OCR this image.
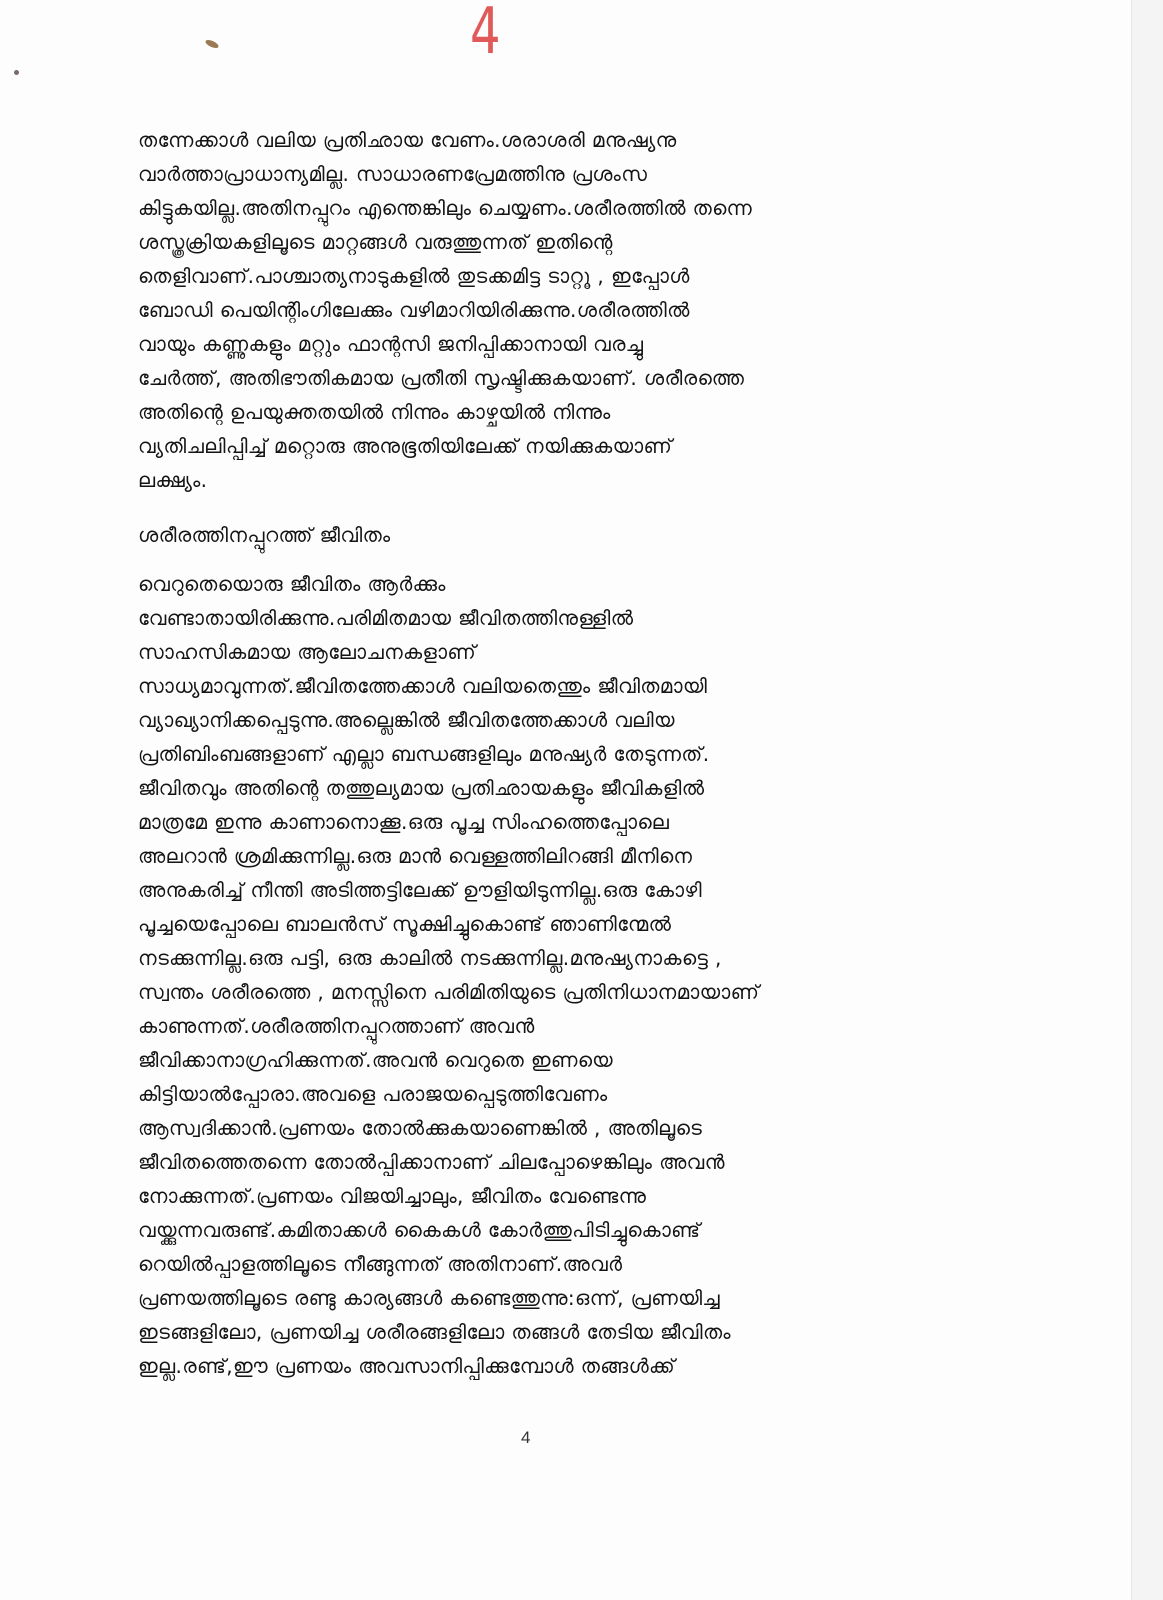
4
തന്നേക്കാൾ വലിയ പ്രതിഛായ വേണം.ശരാശരി മനുഷ്യനു
വാർത്താപ്രാധാന്യമില്ല. സാധാരണപ്രേമത്തിനു പ്രശംസ
കിട്ടുകയില്ല.അതിനപ്പുറം എന്തെങ്കിലും ചെയ്യണം.ശരീരത്തിൽ തന്നെ
ശസ്ത്രക്രിയകളിലൂടെ മാറ്റങ്ങൾ വരുത്തുന്നത് ഇതിന്റെ
തെളിവാണ്.പാശ്ചാത്യനാടുകളിൽ തുടക്കമിട്ട ടാറ്റൂ , ഇപ്പോൾ
ബോഡി പെയിന്റിംഗിലേക്കും വഴിമാറിയിരിക്കുന്നു.ശരീരത്തിൽ
വായും കണ്ണുകളും മറ്റും ഫാന്റസി ജനിപ്പിക്കാനായി വരച്ചു
ചേർത്ത്, അതിഭൗതികമായ പ്രതീതി സൃഷ്ടിക്കുകയാണ്. ശരീരത്തെ
അതിന്റെ ഉപയുക്തതയിൽ നിന്നും കാഴ്ചയിൽ നിന്നും
വ്യതിചലിപ്പിച്ച് മറ്റൊരു അനുഭൂതിയിലേക്ക് നയിക്കുകയാണ്
ലക്ഷ്യം.
ശരീരത്തിനപ്പുറത്ത് ജീവിതം
വെറുതെയൊരു ജീവിതം ആർക്കും
വേണ്ടാതായിരിക്കുന്നു.പരിമിതമായ ജീവിതത്തിനുള്ളിൽ
സാഹസികമായ ആലോചനകളാണ്
സാധ്യമാവുന്നത്.ജീവിതത്തേക്കാൾ വലിയതെന്തും ജീവിതമായി
വ്യാഖ്യാനിക്കപ്പെടുന്നു.അല്ലെങ്കിൽ ജീവിതത്തേക്കാൾ വലിയ
പ്രതിബിംബങ്ങളാണ് എല്ലാ ബന്ധങ്ങളിലും മനുഷ്യർ തേടുന്നത്.
ജീവിതവും അതിന്റെ തത്തുല്യമായ പ്രതിഛായകളും ജീവികളിൽ
മാത്രമേ ഇന്നു കാണാനൊക്കൂ.ഒരു പൂച്ച സിംഹത്തെപ്പോലെ
അലറാൻ ശ്രമിക്കുന്നില്ല.ഒരു മാൻ വെള്ളത്തിലിറങ്ങി മീനിനെ
അനുകരിച്ച് നീന്തി അടിത്തട്ടിലേക്ക് ഊളിയിടുന്നില്ല.ഒരു കോഴി
പൂച്ചയെപ്പോലെ ബാലൻസ് സൂക്ഷിച്ചുകൊണ്ട് ഞാണിന്മേൽ
നടക്കുന്നില്ല.ഒരു പട്ടി, ഒരു കാലിൽ നടക്കുന്നില്ല.മനുഷ്യനാകട്ടെ ,
സ്വന്തം ശരീരത്തെ , മനസ്സിനെ പരിമിതിയുടെ പ്രതിനിധാനമായാണ്
കാണുന്നത്.ശരീരത്തിനപ്പുറത്താണ് അവൻ
ജീവിക്കാനാഗ്രഹിക്കുന്നത്.അവൻ വെറുതെ ഇണയെ
കിട്ടിയാൽപ്പോരാ.അവളെ പരാജയപ്പെടുത്തിവേണം
ആസ്വദിക്കാൻ.പ്രണയം തോൽക്കുകയാണെങ്കിൽ , അതിലൂടെ
ജീവിതത്തെതന്നെ തോൽപ്പിക്കാനാണ് ചിലപ്പോഴെങ്കിലും അവൻ
നോക്കുന്നത്.പ്രണയം വിജയിച്ചാലും, ജീവിതം വേണ്ടെന്നു
വയ്ക്കുന്നവരുണ്ട്.കമിതാക്കൾ കൈകൾ കോർത്തുപിടിച്ചുകൊണ്ട്
റെയിൽപ്പാളത്തിലൂടെ നീങ്ങുന്നത് അതിനാണ്.അവർ
പ്രണയത്തിലൂടെ രണ്ടു കാര്യങ്ങൾ കണ്ടെത്തുന്നു:ഒന്ന്, പ്രണയിച്ച
ഇടങ്ങളിലോ, പ്രണയിച്ച ശരീരങ്ങളിലോ തങ്ങൾ തേടിയ ജീവിതം
ഇല്ല.രണ്ട്,ഈ പ്രണയം അവസാനിപ്പിക്കുമ്പോൾ തങ്ങൾക്ക്
4
